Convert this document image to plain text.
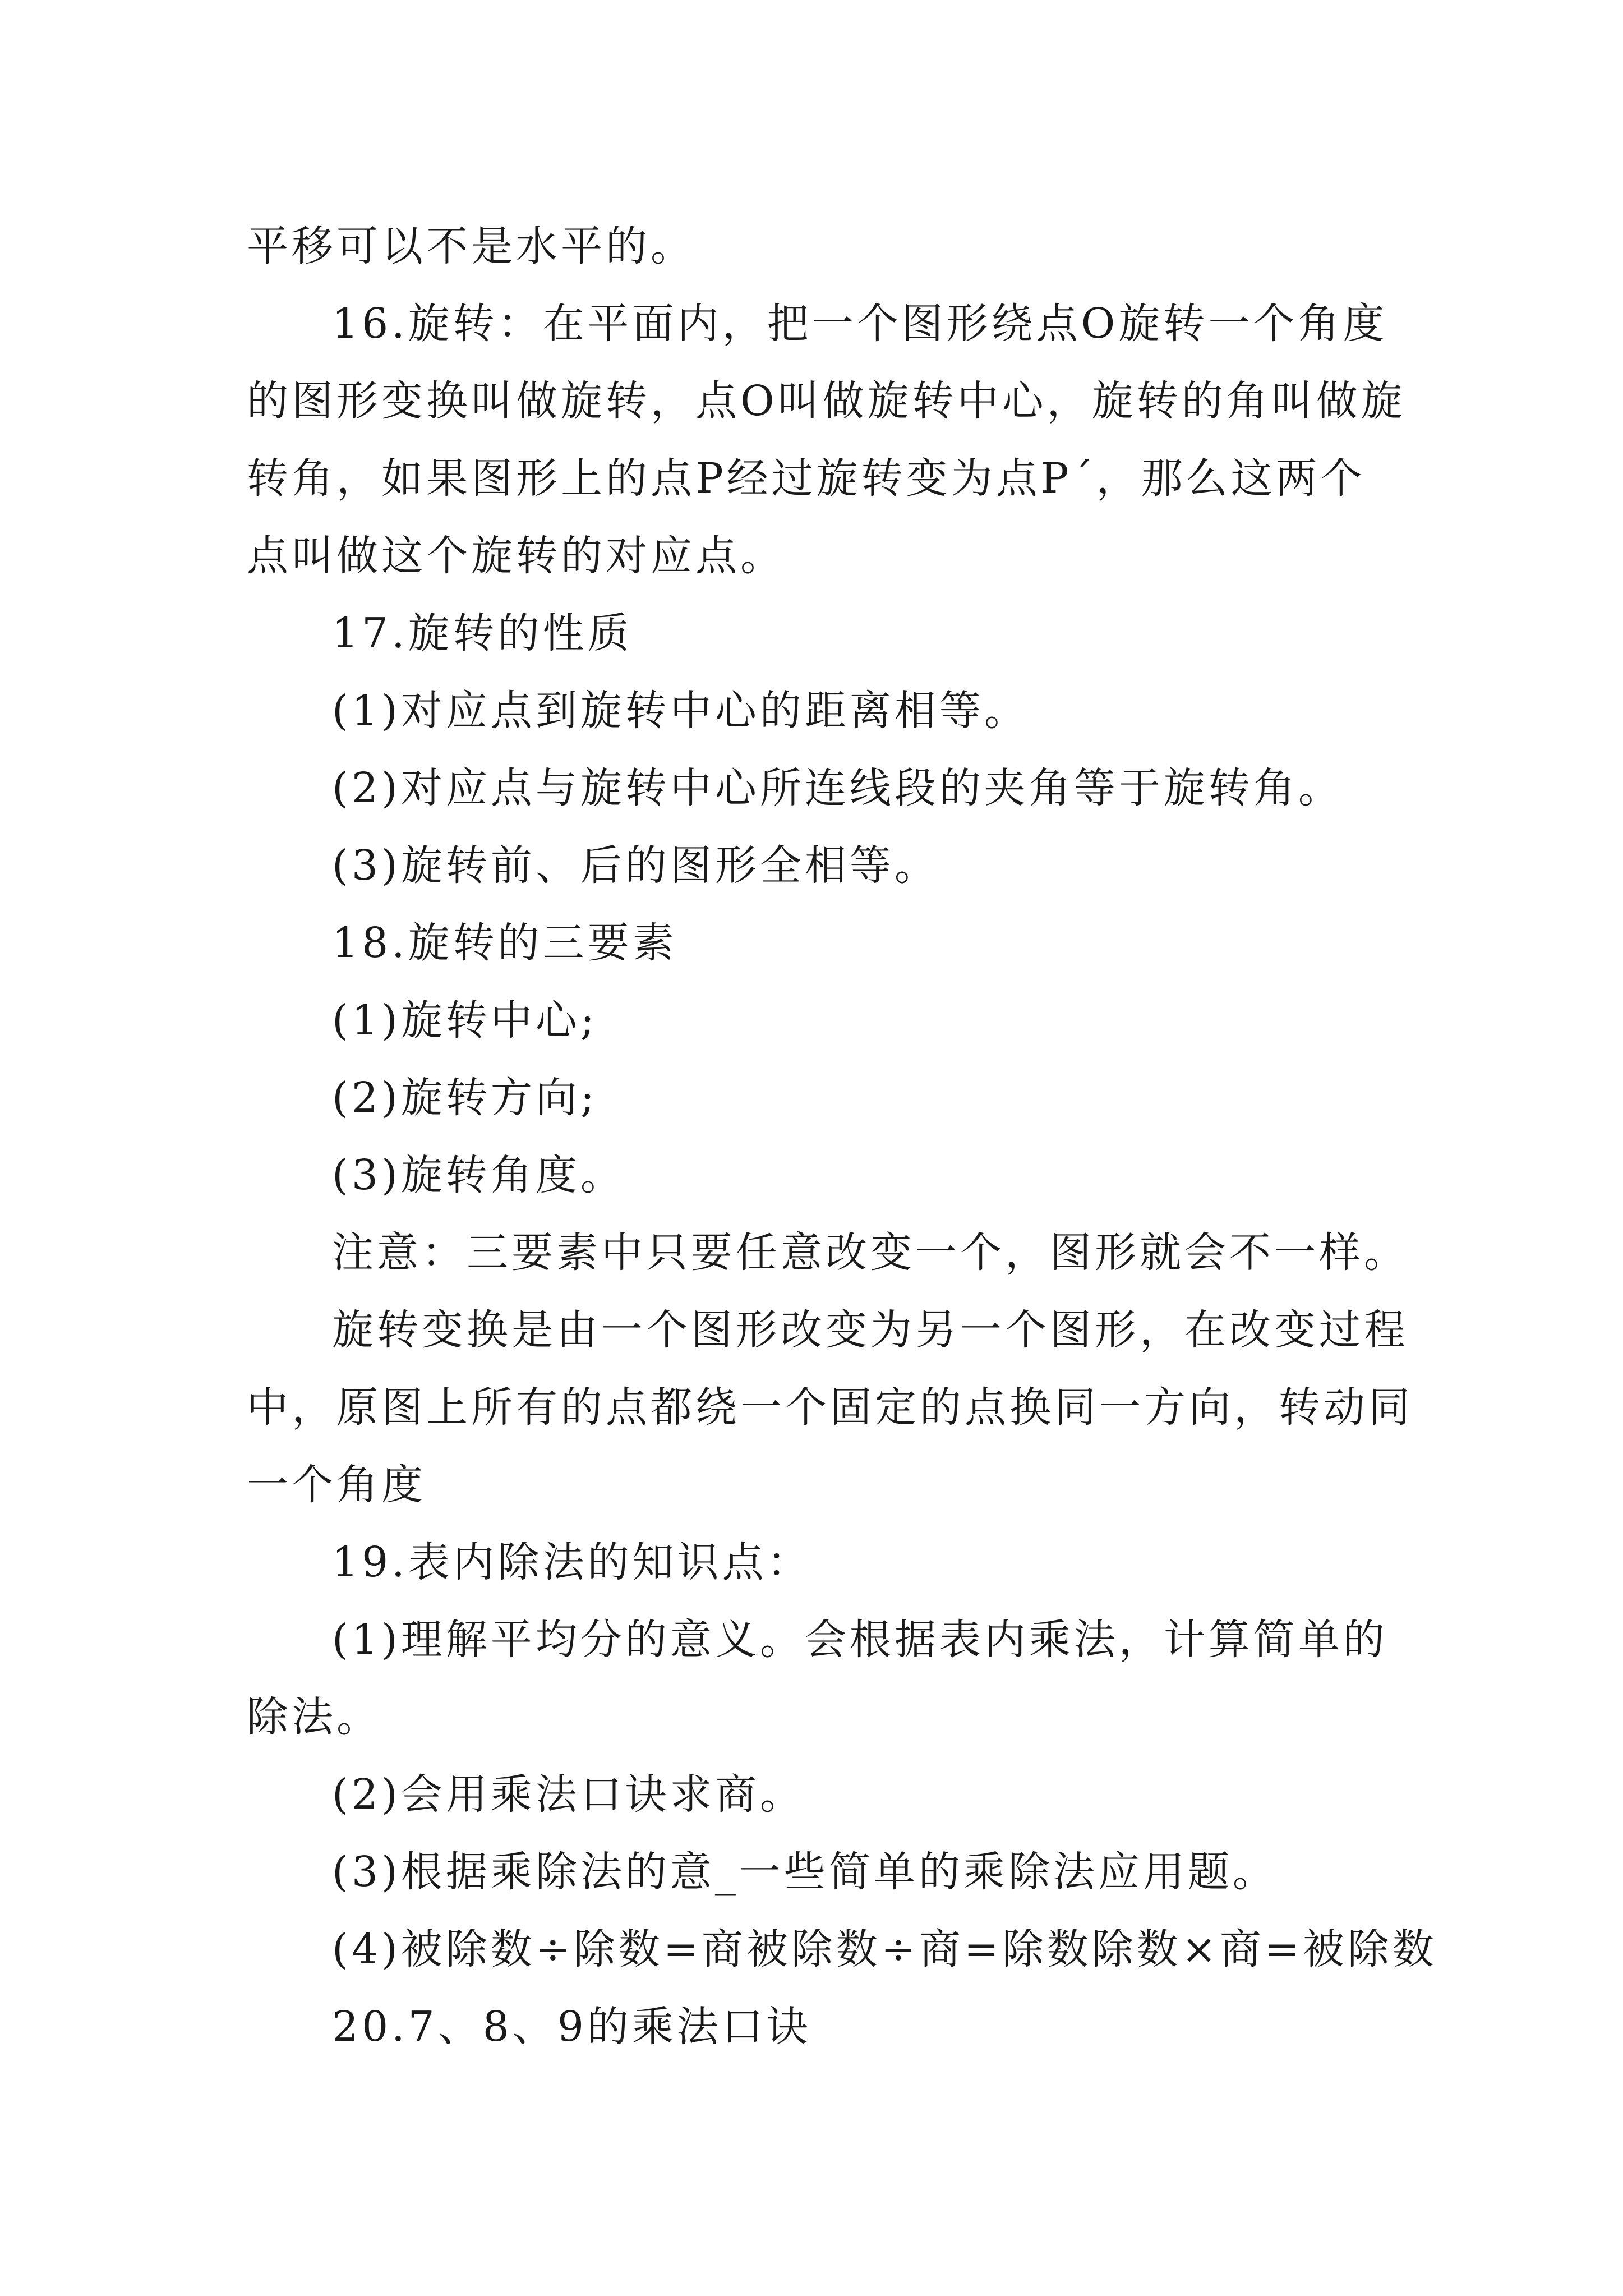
平移可以不是水平的。
16.旋转：在平面内，把一个图形绕点O旋转一个角度
的图形变换叫做旋转，点O叫做旋转中心，旋转的角叫做旋
转角，如果图形上的点P经过旋转变为点P´，那么这两个
点叫做这个旋转的对应点。
17.旋转的性质
(1)对应点到旋转中心的距离相等。
(2)对应点与旋转中心所连线段的夹角等于旋转角。
(3)旋转前、后的图形全相等。
18.旋转的三要素
(1)旋转中心;
(2)旋转方向;
(3)旋转角度。
注意：三要素中只要任意改变一个，图形就会不一样。
旋转变换是由一个图形改变为另一个图形，在改变过程
中，原图上所有的点都绕一个固定的点换同一方向，转动同
一个角度
19.表内除法的知识点：
(1)理解平均分的意义。会根据表内乘法，计算简单的
除法。
(2)会用乘法口诀求商。
(3)根据乘除法的意_一些简单的乘除法应用题。
(4)被除数÷除数=商被除数÷商=除数除数×商=被除数
20.7、8、9的乘法口诀
